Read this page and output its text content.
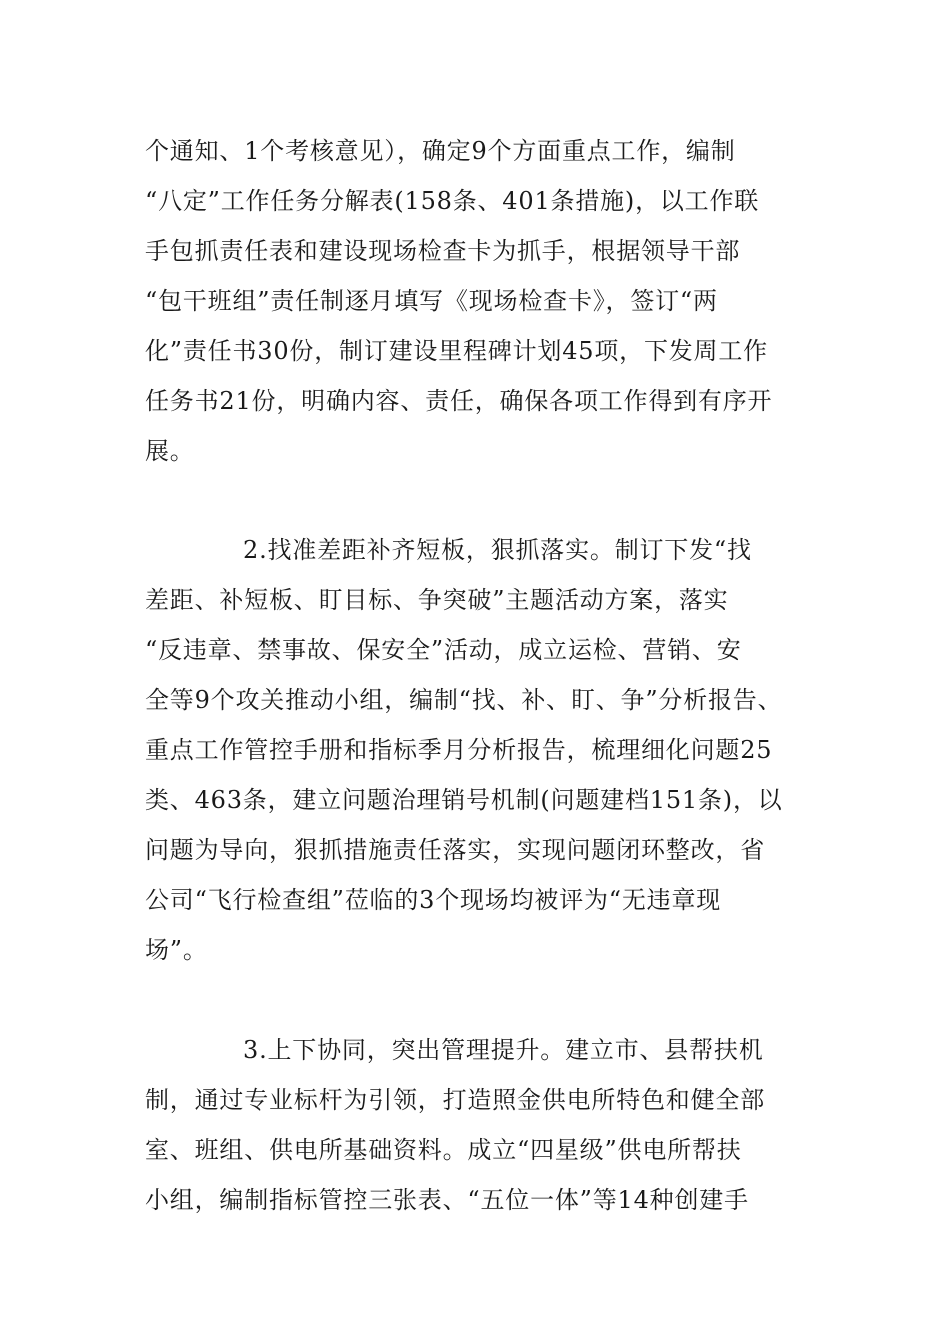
个通知、1个考核意见），确定9个方面重点工作，编制
“八定”工作任务分解表(158条、401条措施)，以工作联
手包抓责任表和建设现场检查卡为抓手，根据领导干部
“包干班组”责任制逐月填写《现场检查卡》，签订“两
化”责任书30份，制订建设里程碑计划45项，下发周工作
任务书21份，明确内容、责任，确保各项工作得到有序开
展。
2.找准差距补齐短板，狠抓落实。制订下发“找
差距、补短板、盯目标、争突破”主题活动方案，落实
“反违章、禁事故、保安全”活动，成立运检、营销、安
全等9个攻关推动小组，编制“找、补、盯、争”分析报告、
重点工作管控手册和指标季月分析报告，梳理细化问题25
类、463条，建立问题治理销号机制(问题建档151条)，以
问题为导向，狠抓措施责任落实，实现问题闭环整改，省
公司“飞行检查组”莅临的3个现场均被评为“无违章现
场”。
3.上下协同，突出管理提升。建立市、县帮扶机
制，通过专业标杆为引领，打造照金供电所特色和健全部
室、班组、供电所基础资料。成立“四星级”供电所帮扶
小组，编制指标管控三张表、“五位一体”等14种创建手
